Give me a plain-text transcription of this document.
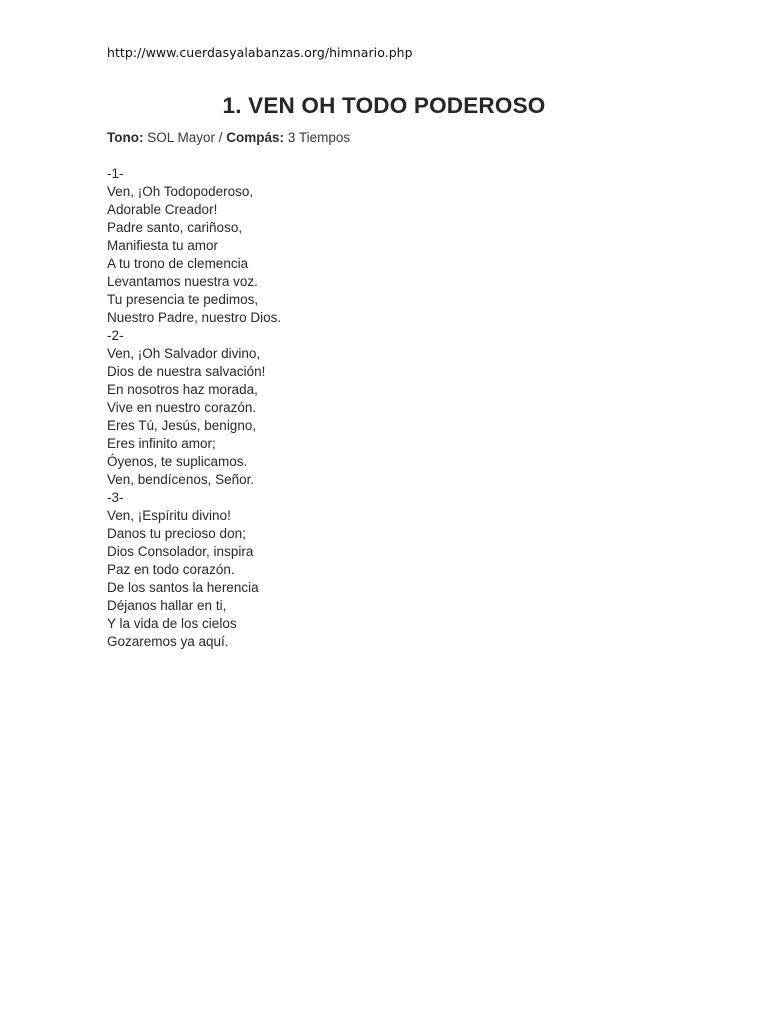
http://www.cuerdasyalabanzas.org/himnario.php
1. VEN OH TODO PODEROSO
Tono: SOL Mayor / Compás: 3 Tiempos
-1-
Ven, ¡Oh Todopoderoso,
Adorable Creador!
Padre santo, cariñoso,
Manifiesta tu amor
A tu trono de clemencia
Levantamos nuestra voz.
Tu presencia te pedimos,
Nuestro Padre, nuestro Dios.
-2-
Ven, ¡Oh Salvador divino,
Dios de nuestra salvación!
En nosotros haz morada,
Vive en nuestro corazón.
Eres Tú, Jesús, benigno,
Eres infinito amor;
Óyenos, te suplicamos.
Ven, bendícenos, Señor.
-3-
Ven, ¡Espíritu divino!
Danos tu precioso don;
Dios Consolador, inspira
Paz en todo corazón.
De los santos la herencia
Déjanos hallar en ti,
Y la vida de los cielos
Gozaremos ya aquí.
